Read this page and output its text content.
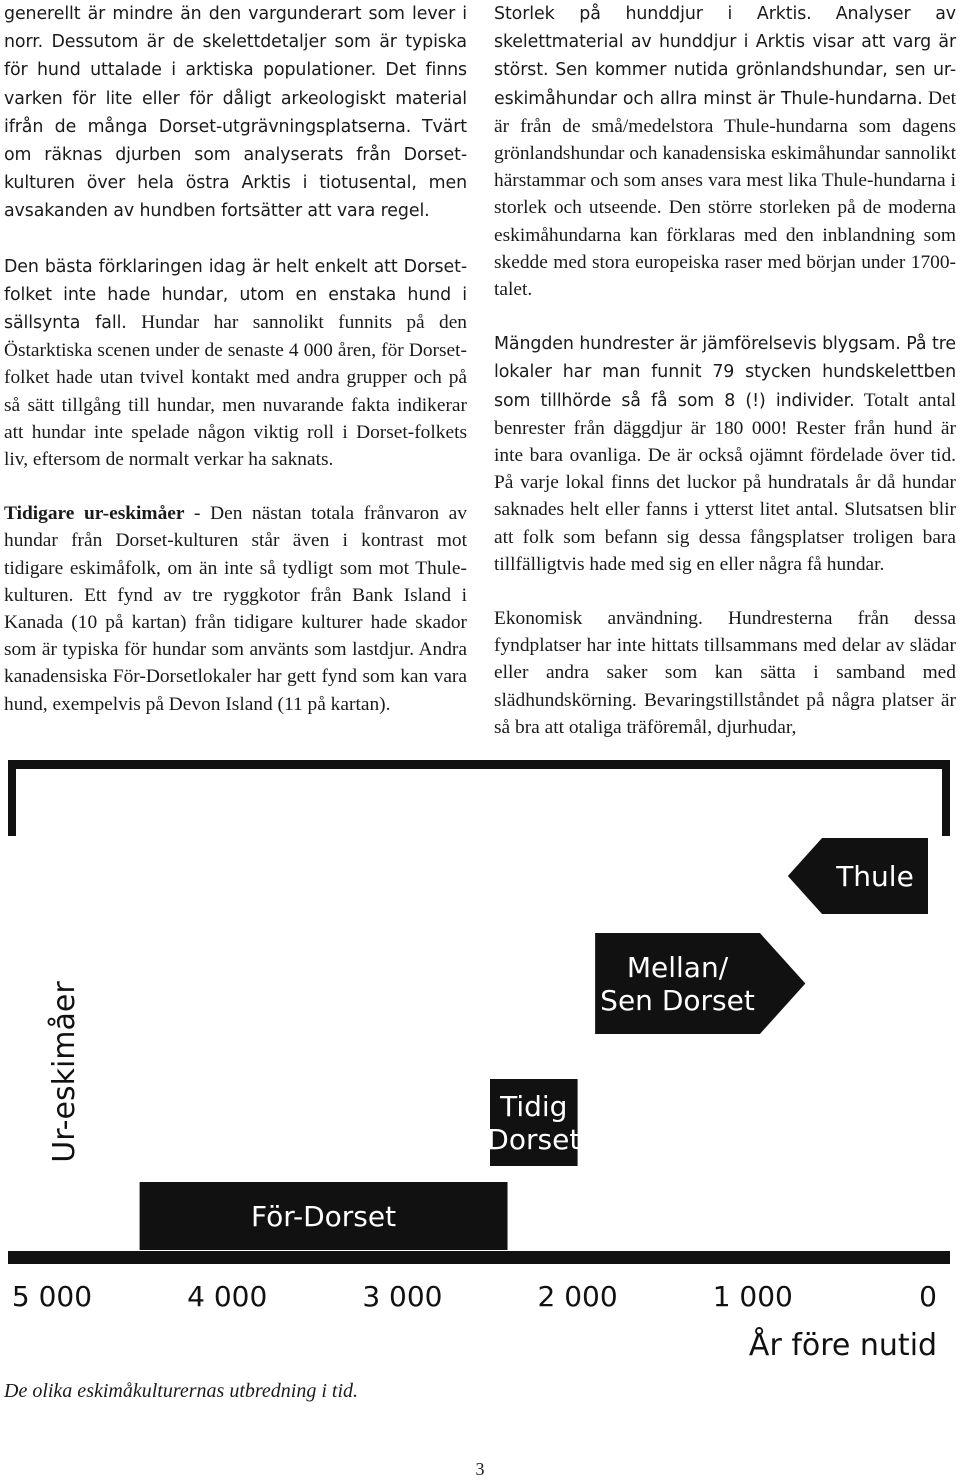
generellt är mindre än den vargunderart som lever i norr. Dessutom är de skelettdetaljer som är typiska för hund uttalade i arktiska populationer. Det finns varken för lite eller för dåligt arkeologiskt material ifrån de många Dorset-utgrävningsplatserna. Tvärt om räknas djurben som analyserats från Dorset-kulturen över hela östra Arktis i tiotusental, men avsakanden av hundben fortsätter att vara regel.

Den bästa förklaringen idag är helt enkelt att Dorset-folket inte hade hundar, utom en enstaka hund i sällsynta fall. Hundar har sannolikt funnits på den Östarktiska scenen under de senaste 4 000 åren, för Dorset-folket hade utan tvivel kontakt med andra grupper och på så sätt tillgång till hundar, men nuvarande fakta indikerar att hundar inte spelade någon viktig roll i Dorset-folkets liv, eftersom de normalt verkar ha saknats.

Tidigare ur-eskimåer - Den nästan totala frånvaron av hundar från Dorset-kulturen står även i kontrast mot tidigare eskimåfolk, om än inte så tydligt som mot Thule-kulturen. Ett fynd av tre ryggkotor från Bank Island i Kanada (10 på kartan) från tidigare kulturer hade skador som är typiska för hundar som använts som lastdjur. Andra kanadensiska För-Dorsetlokaler har gett fynd som kan vara hund, exempelvis på Devon Island (11 på kartan).

Storlek på hunddjur i Arktis. Analyser av skelettmaterial av hunddjur i Arktis visar att varg är störst. Sen kommer nutida grönlandshundar, sen ur-eskimåhundar och allra minst är Thule-hundarna. Det är från de små/medelstora Thule-hundarna som dagens grönlandshundar och kanadensiska eskimåhundar sannolikt härstammar och som anses vara mest lika Thule-hundarna i storlek och utseende. Den större storleken på de moderna eskimåhundarna kan förklaras med den inblandning som skedde med stora europeiska raser med början under 1700-talet.

Mängden hundrester är jämförelsevis blygsam. På tre lokaler har man funnit 79 stycken hundskelettben som tillhörde så få som 8 (!) individer. Totalt antal benrester från däggdjur är 180 000! Rester från hund är inte bara ovanliga. De är också ojämnt fördelade över tid. På varje lokal finns det luckor på hundratals år då hundar saknades helt eller fanns i ytterst litet antal. Slutsatsen blir att folk som befann sig dessa fångsplatser troligen bara tillfälligtvis hade med sig en eller några få hundar.

Ekonomisk användning. Hundresterna från dessa fyndplatser har inte hittats tillsammans med delar av slädar eller andra saker som kan sätta i samband med slädhundskörning. Bevaringstillståndet på några platser är så bra att otaliga träföremål, djurhudar,

Ur-eskimåer
För-Dorset
Tidig
Dorset
Mellan/
Sen Dorset
Thule
5 000	4 000	3 000	2 000	1 000	0
År före nutid
De olika eskimåkulturernas utbredning i tid.
3
